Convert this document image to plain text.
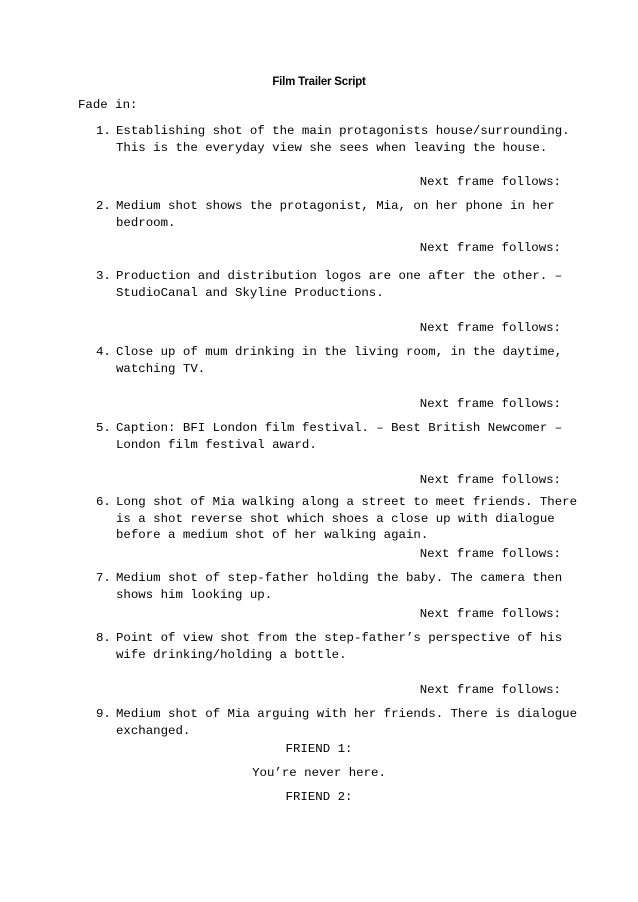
Film Trailer Script
Fade in:
1. Establishing shot of the main protagonists house/surrounding.
This is the everyday view she sees when leaving the house.
Next frame follows:
2. Medium shot shows the protagonist, Mia, on her phone in her
bedroom.
Next frame follows:
3. Production and distribution logos are one after the other. –
StudioCanal and Skyline Productions.
Next frame follows:
4. Close up of mum drinking in the living room, in the daytime,
watching TV.
Next frame follows:
5. Caption: BFI London film festival. – Best British Newcomer –
London film festival award.
Next frame follows:
6. Long shot of Mia walking along a street to meet friends. There
is a shot reverse shot which shoes a close up with dialogue
before a medium shot of her walking again.
Next frame follows:
7. Medium shot of step-father holding the baby. The camera then
shows him looking up.
Next frame follows:
8. Point of view shot from the step-father’s perspective of his
wife drinking/holding a bottle.
Next frame follows:
9. Medium shot of Mia arguing with her friends. There is dialogue
exchanged.
FRIEND 1:
You’re never here.
FRIEND 2:
